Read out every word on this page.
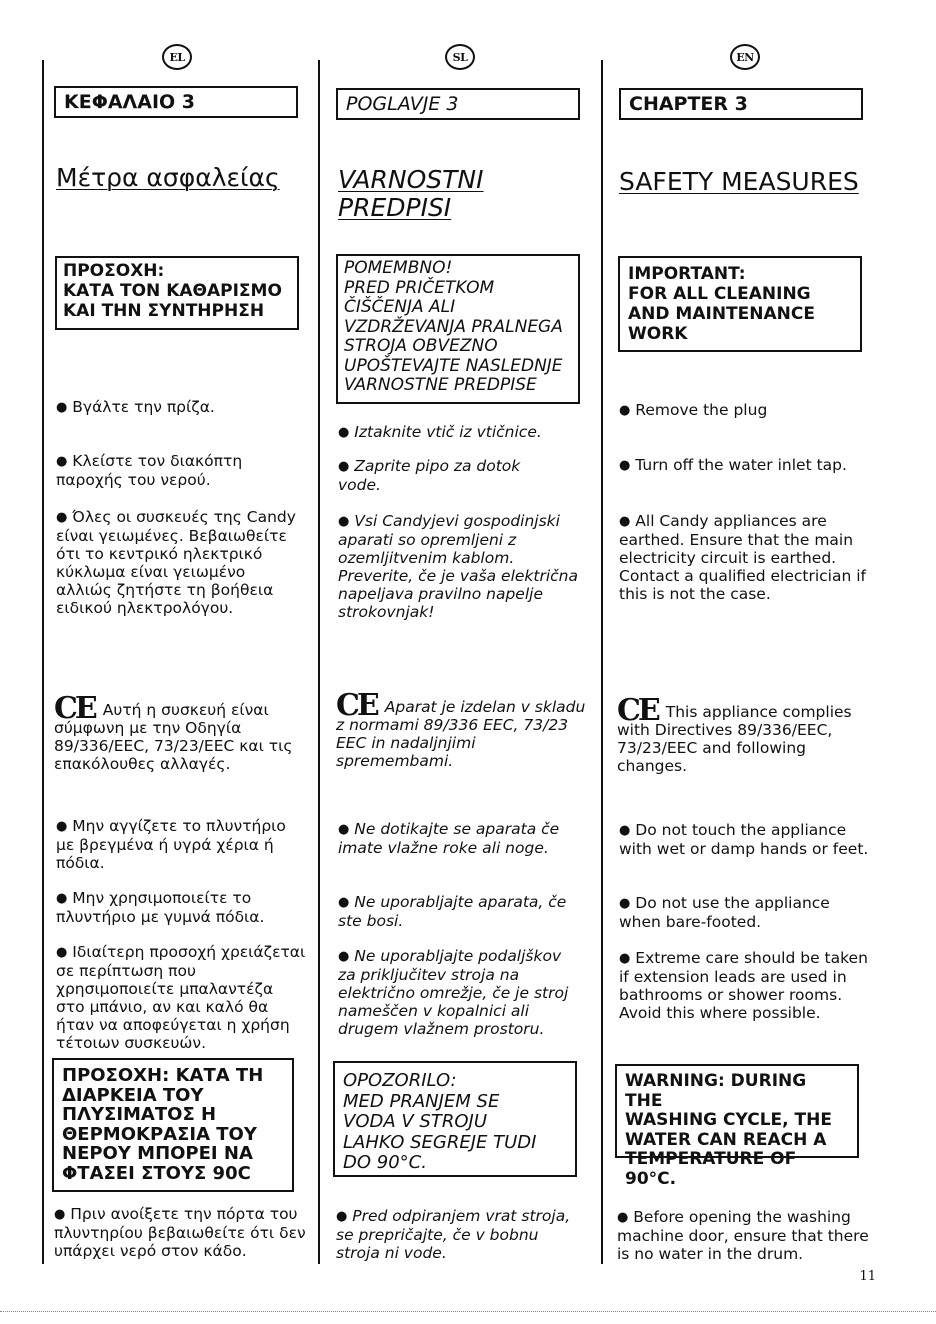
EL
ΚΕΦΑΛΑΙΟ 3
Μέτρα ασφαλείας
ΠΡΟΣΟΧΗ:
ΚΑΤΑ ΤΟΝ ΚΑΘΑΡΙΣΜΟ
ΚΑΙ ΤΗΝ ΣΥΝΤΗΡΗΣΗ
● Βγάλτε την πρίζα.
● Κλείστε τον διακόπτη παροχής του νερού.
● Όλες οι συσκευές της Candy είναι γειωμένες. Βεβαιωθείτε ότι το κεντρικό ηλεκτρικό κύκλωμα είναι γειωμένο αλλιώς ζητήστε τη βοήθεια ειδικού ηλεκτρολόγου.
CE Αυτή η συσκευή είναι σύμφωνη με την Οδηγία 89/336/EEC, 73/23/EEC και τις επακόλουθες αλλαγές.
● Μην αγγίζετε το πλυντήριο με βρεγμένα ή υγρά χέρια ή πόδια.
● Μην χρησιμοποιείτε το πλυντήριο με γυμνά πόδια.
● Ιδιαίτερη προσοχή χρειάζεται σε περίπτωση που χρησιμοποιείτε μπαλαντέζα στο μπάνιο, αν και καλό θα ήταν να αποφεύγεται η χρήση τέτοιων συσκευών.
ΠΡΟΣΟΧΗ: ΚΑΤΑ ΤΗ
ΔΙΑΡΚΕΙΑ ΤΟΥ
ΠΛΥΣΙΜΑΤΟΣ Η
ΘΕΡΜΟΚΡΑΣΙΑ ΤΟΥ
ΝΕΡΟΥ ΜΠΟΡΕΙ ΝΑ
ΦΤΑΣΕΙ ΣΤΟΥΣ 90C
● Πριν ανοίξετε την πόρτα του πλυντηρίου βεβαιωθείτε ότι δεν υπάρχει νερό στον κάδο.
SL
POGLAVJE 3
VARNOSTNI PREDPISI
POMEMBNO!
PRED PRIČETKOM
ČIŠČENJA ALI
VZDRŽEVANJA PRALNEGA
STROJA OBVEZNO
UPOŠTEVAJTE NASLEDNJE
VARNOSTNE PREDPISE
● Iztaknite vtič iz vtičnice.
● Zaprite pipo za dotok vode.
● Vsi Candyjevi gospodinjski aparati so opremljeni z ozemljitvenim kablom. Preverite, če je vaša električna napeljava pravilno napelje strokovnjak!
CE Aparat je izdelan v skladu z normami 89/336 EEC, 73/23 EEC in nadaljnjimi spremembami.
● Ne dotikajte se aparata če imate vlažne roke ali noge.
● Ne uporabljajte aparata, če ste bosi.
● Ne uporabljajte podaljškov za priključitev stroja na električno omrežje, če je stroj nameščen v kopalnici ali drugem vlažnem prostoru.
OPOZORILO:
MED PRANJEM SE
VODA V STROJU
LAHKO SEGREJE TUDI
DO 90°C.
● Pred odpiranjem vrat stroja, se prepričajte, če v bobnu stroja ni vode.
EN
CHAPTER 3
SAFETY MEASURES
IMPORTANT:
FOR ALL CLEANING
AND MAINTENANCE
WORK
● Remove the plug
● Turn off the water inlet tap.
● All Candy appliances are earthed. Ensure that the main electricity circuit is earthed. Contact a qualified electrician if this is not the case.
CE This appliance complies with Directives 89/336/EEC, 73/23/EEC and following changes.
● Do not touch the appliance with wet or damp hands or feet.
● Do not use the appliance when bare-footed.
● Extreme care should be taken if extension leads are used in bathrooms or shower rooms. Avoid this where possible.
WARNING: DURING THE
WASHING CYCLE, THE
WATER CAN REACH A
TEMPERATURE OF 90°C.
● Before opening the washing machine door, ensure that there is no water in the drum.
11
